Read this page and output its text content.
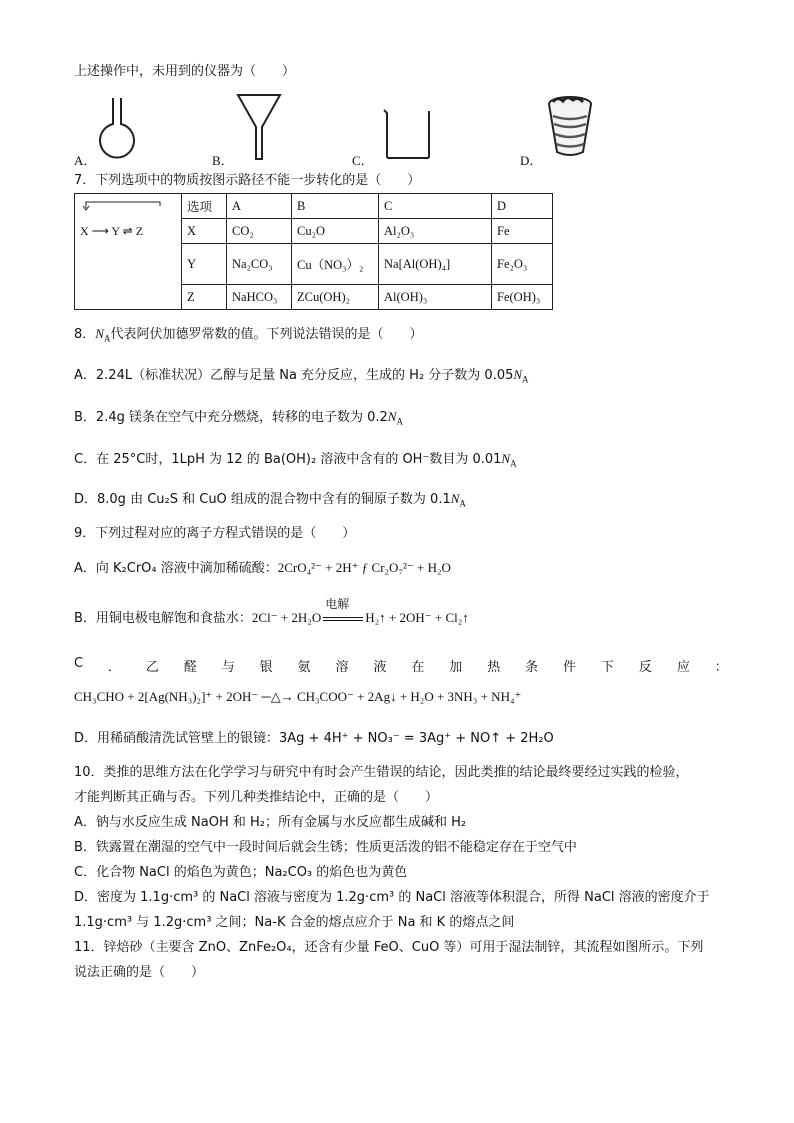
上述操作中，未用到的仪器为（　　）
A．	B．	C．	D．
7．下列选项中的物质按图示路径不能一步转化的是（　　）
X ⟶ Y ⇌ Z	选项	A	B	C	D
	X	CO₂	Cu₂O	Al₂O₃	Fe
	Y	Na₂CO₃	Cu（NO₃）₂	Na[Al(OH)₄]	Fe₂O₃
	Z	NaHCO₃	ZCu(OH)₂	Al(OH)₃	Fe(OH)₃
8．$N_A$代表阿伏加德罗常数的值。下列说法错误的是（　　）
A．2.24L（标准状况）乙醇与足量 Na 充分反应，生成的 H₂ 分子数为 $0.05N_A$
B．2.4g 镁条在空气中充分燃烧，转移的电子数为 $0.2N_A$
C．在 25°C时，1LpH 为 12 的 Ba(OH)₂ 溶液中含有的 OH⁻数目为 $0.01N_A$
D．8.0g 由 Cu₂S 和 CuO 组成的混合物中含有的铜原子数为 $0.1N_A$
9．下列过程对应的离子方程式错误的是（　　）
A．向 K₂CrO₄ 溶液中滴加稀硫酸：2CrO₄²⁻ + 2H⁺ ƒ Cr₂O₇²⁻ + H₂O
B．用铜电极电解饱和食盐水：2Cl⁻ + 2H₂O
电解
H₂↑ + 2OH⁻ + Cl₂↑
C ． 乙 醛 与 银 氨 溶 液 在 加 热 条 件 下 反 应 ：
CH₃CHO + 2[Ag(NH₃)₂]⁺ + 2OH⁻ ─△→ CH₃COO⁻ + 2Ag↓ + H₂O + 3NH₃ + NH₄⁺
D．用稀硝酸清洗试管壁上的银镜：3Ag + 4H⁺ + NO₃⁻ = 3Ag⁺ + NO↑ + 2H₂O
10．类推的思维方法在化学学习与研究中有时会产生错误的结论，因此类推的结论最终要经过实践的检验，
才能判断其正确与否。下列几种类推结论中，正确的是（　　）
A．钠与水反应生成 NaOH 和 H₂；所有金属与水反应都生成碱和 H₂
B．铁露置在潮湿的空气中一段时间后就会生锈；性质更活泼的铝不能稳定存在于空气中
C．化合物 NaCl 的焰色为黄色；Na₂CO₃ 的焰色也为黄色
D．密度为 1.1g·cm³ 的 NaCl 溶液与密度为 1.2g·cm³ 的 NaCl 溶液等体积混合，所得 NaCl 溶液的密度介于
1.1g·cm³ 与 1.2g·cm³ 之间；Na-K 合金的熔点应介于 Na 和 K 的熔点之间
11．锌焙砂（主要含 ZnO、ZnFe₂O₄，还含有少量 FeO、CuO 等）可用于湿法制锌，其流程如图所示。下列
说法正确的是（　　）
